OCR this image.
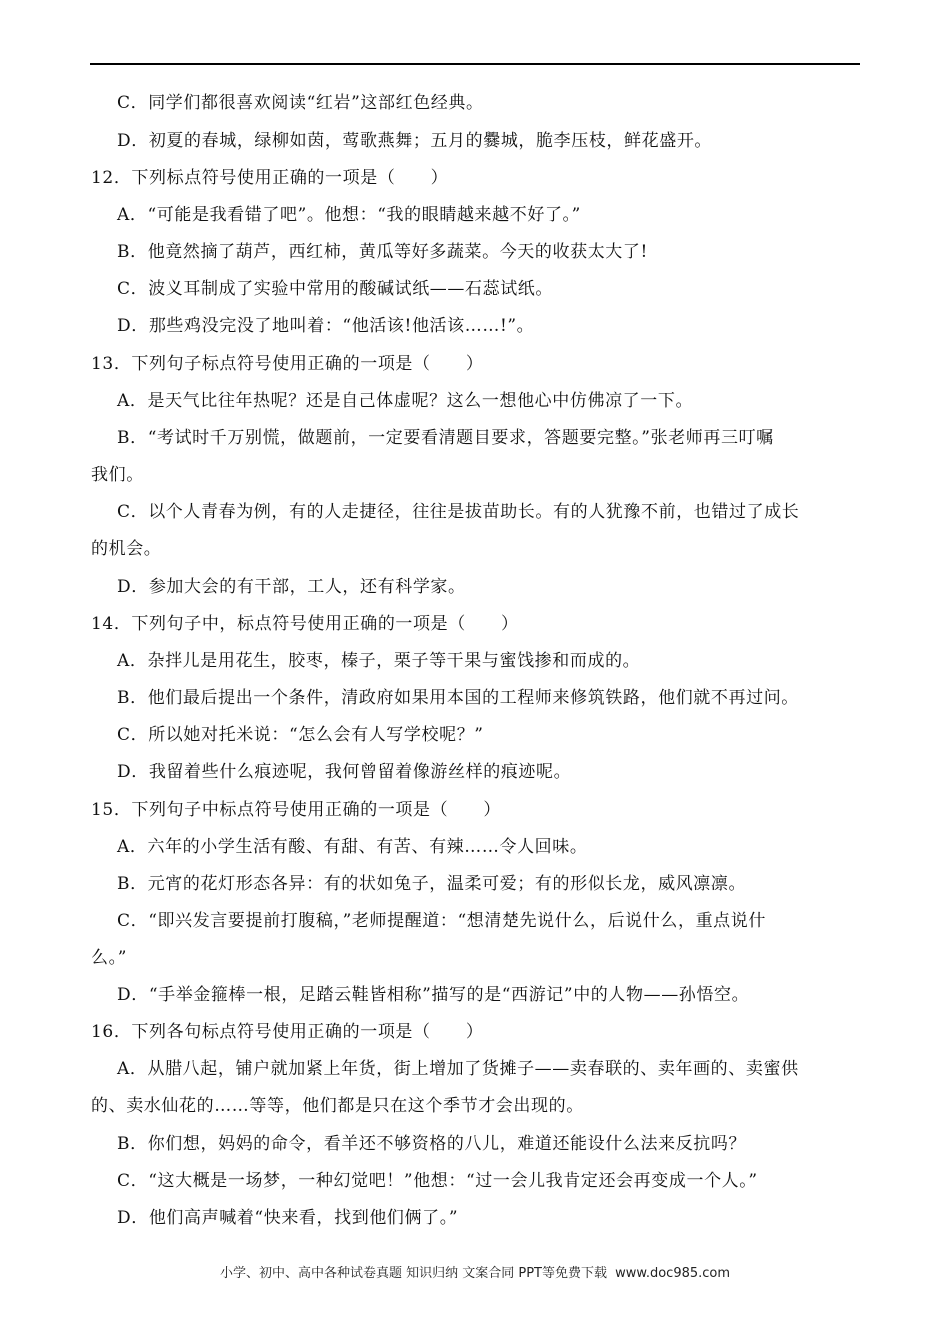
C．同学们都很喜欢阅读“红岩”这部红色经典。
D．初夏的春城，绿柳如茵，莺歌燕舞；五月的爨城，脆李压枝，鲜花盛开。
12．下列标点符号使用正确的一项是（　　）
A．“可能是我看错了吧”。他想：“我的眼睛越来越不好了。”
B．他竟然摘了葫芦，西红柿，黄瓜等好多蔬菜。今天的收获太大了!
C．波义耳制成了实验中常用的酸碱试纸——石蕊试纸。
D．那些鸡没完没了地叫着：“他活该!他活该……!”。
13．下列句子标点符号使用正确的一项是（　　）
A．是天气比往年热呢？还是自己体虚呢？这么一想他心中仿佛凉了一下。
B．“考试时千万别慌，做题前，一定要看清题目要求，答题要完整。”张老师再三叮嘱
我们。
C．以个人青春为例，有的人走捷径，往往是拔苗助长。有的人犹豫不前，也错过了成长
的机会。
D．参加大会的有干部，工人，还有科学家。
14．下列句子中，标点符号使用正确的一项是（　　）
A．杂拌儿是用花生，胶枣，榛子，栗子等干果与蜜饯掺和而成的。
B．他们最后提出一个条件，清政府如果用本国的工程师来修筑铁路，他们就不再过问。
C．所以她对托米说：“怎么会有人写学校呢？”
D．我留着些什么痕迹呢，我何曾留着像游丝样的痕迹呢。
15．下列句子中标点符号使用正确的一项是（　　）
A．六年的小学生活有酸、有甜、有苦、有辣……令人回味。
B．元宵的花灯形态各异：有的状如兔子，温柔可爱；有的形似长龙，威风凛凛。
C．“即兴发言要提前打腹稿，”老师提醒道：“想清楚先说什么，后说什么，重点说什
么。”
D．“手举金箍棒一根，足踏云鞋皆相称”描写的是“西游记”中的人物——孙悟空。
16．下列各句标点符号使用正确的一项是（　　）
A．从腊八起，铺户就加紧上年货，街上增加了货摊子——卖春联的、卖年画的、卖蜜供
的、卖水仙花的……等等，他们都是只在这个季节才会出现的。
B．你们想，妈妈的命令，看羊还不够资格的八儿，难道还能设什么法来反抗吗？
C．“这大概是一场梦，一种幻觉吧！”他想：“过一会儿我肯定还会再变成一个人。”
D．他们高声喊着“快来看，找到他们俩了。”
小学、初中、高中各种试卷真题 知识归纳 文案合同 PPT等免费下载 www.doc985.com
